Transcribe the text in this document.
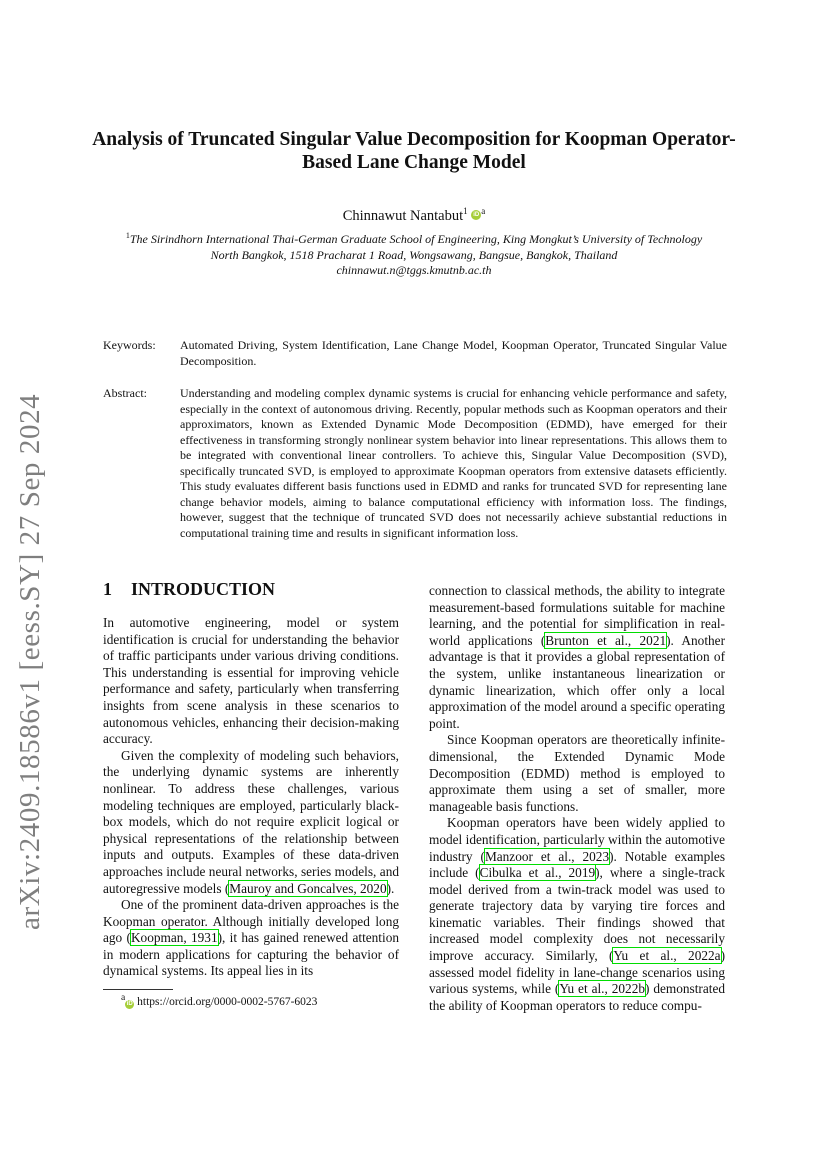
arXiv:2409.18586v1 [eess.SY] 27 Sep 2024
Analysis of Truncated Singular Value Decomposition for Koopman Operator-Based Lane Change Model
Chinnawut Nantabut$^1$ iD $^a$
$^1$The Sirindhorn International Thai-German Graduate School of Engineering, King Mongkut’s University of Technology
North Bangkok, 1518 Pracharat 1 Road, Wongsawang, Bangsue, Bangkok, Thailand
chinnawut.n@tggs.kmutnb.ac.th
Keywords: Automated Driving, System Identification, Lane Change Model, Koopman Operator, Truncated Singular Value Decomposition.
Abstract:	Understanding and modeling complex dynamic systems is crucial for enhancing vehicle performance and safety, especially in the context of autonomous driving. Recently, popular methods such as Koopman operators and their approximators, known as Extended Dynamic Mode Decomposition (EDMD), have emerged for their effectiveness in transforming strongly nonlinear system behavior into linear representations. This allows them to be integrated with conventional linear controllers. To achieve this, Singular Value Decomposition (SVD), specifically truncated SVD, is employed to approximate Koopman operators from extensive datasets efficiently. This study evaluates different basis functions used in EDMD and ranks for truncated SVD for representing lane change behavior models, aiming to balance computational efficiency with information loss. The findings, however, suggest that the technique of truncated SVD does not necessarily achieve substantial reductions in computational training time and results in significant information loss.
1 INTRODUCTION

In automotive engineering, model or system identification is crucial for understanding the behavior of traffic participants under various driving conditions. This understanding is essential for improving vehicle performance and safety, particularly when transferring insights from scene analysis in these scenarios to autonomous vehicles, enhancing their decision-making accuracy.

Given the complexity of modeling such behaviors, the underlying dynamic systems are inherently nonlinear. To address these challenges, various modeling techniques are employed, particularly black-box models, which do not require explicit logical or physical representations of the relationship between inputs and outputs. Examples of these data-driven approaches include neural networks, series models, and autoregressive models (Mauroy and Goncalves, 2020).

One of the prominent data-driven approaches is the Koopman operator. Although initially developed long ago (Koopman, 1931), it has gained renewed attention in modern applications for capturing the behavior of dynamical systems. Its appeal lies in its

connection to classical methods, the ability to integrate measurement-based formulations suitable for machine learning, and the potential for simplification in real-world applications (Brunton et al., 2021). Another advantage is that it provides a global representation of the system, unlike instantaneous linearization or dynamic linearization, which offer only a local approximation of the model around a specific operating point.

Since Koopman operators are theoretically infinite-dimensional, the Extended Dynamic Mode Decomposition (EDMD) method is employed to approximate them using a set of smaller, more manageable basis functions.

Koopman operators have been widely applied to model identification, particularly within the automotive industry (Manzoor et al., 2023). Notable examples include (Cibulka et al., 2019), where a single-track model derived from a twin-track model was used to generate trajectory data by varying tire forces and kinematic variables. Their findings showed that increased model complexity does not necessarily improve accuracy. Similarly, (Yu et al., 2022a) assessed model fidelity in lane-change scenarios using various systems, while (Yu et al., 2022b) demonstrated the ability of Koopman operators to reduce compu-

$^a$iD https://orcid.org/0000-0002-5767-6023
